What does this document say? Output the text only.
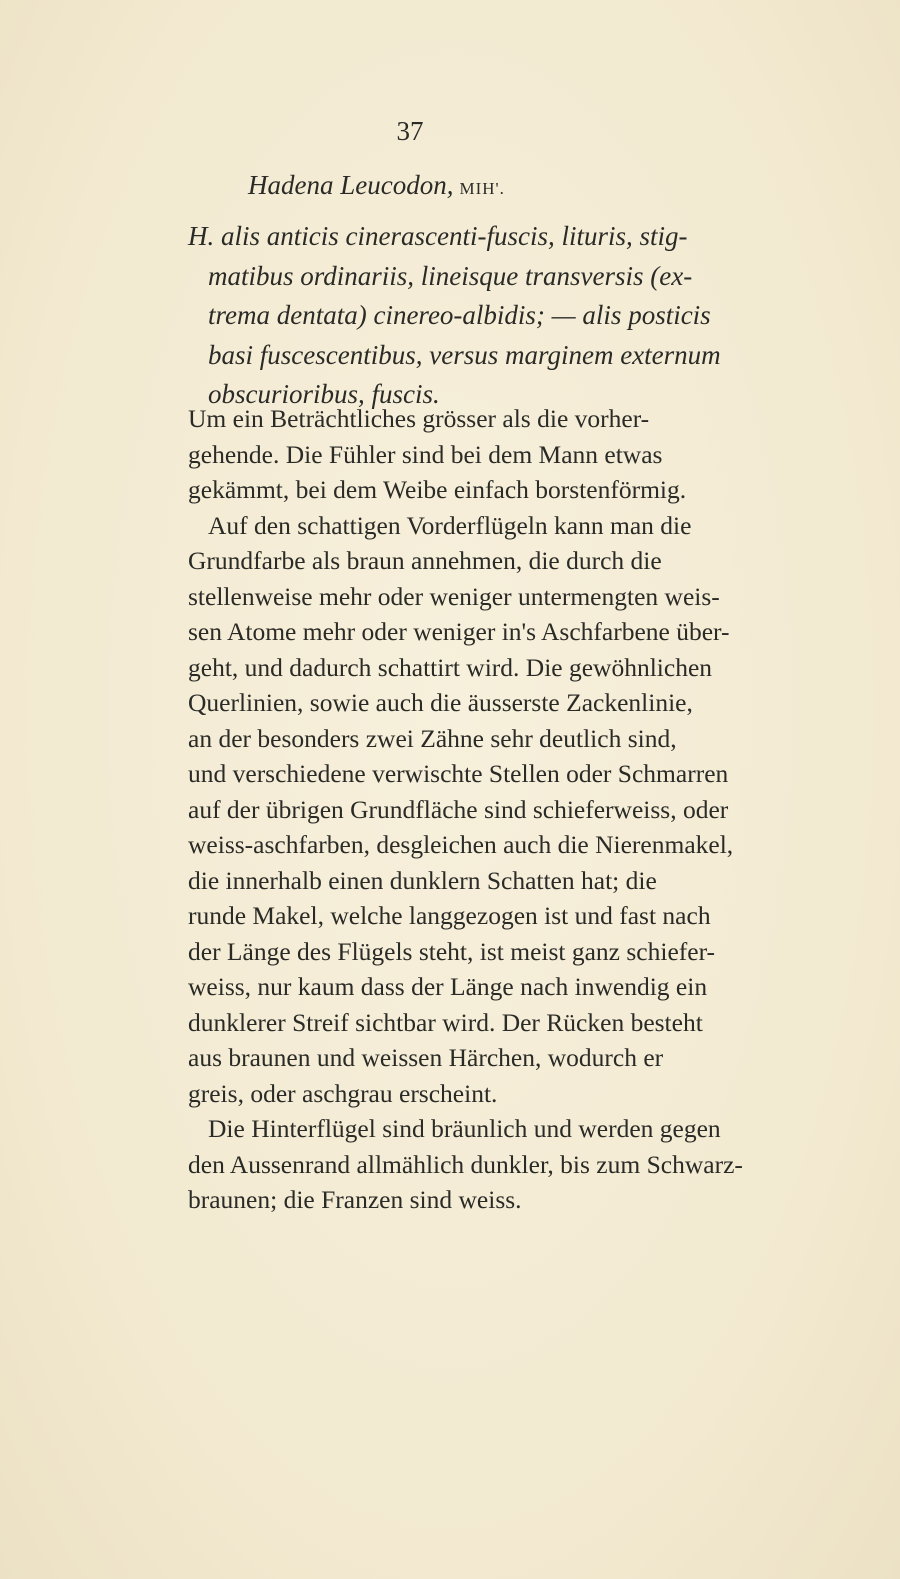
37
Hadena Leucodon, MIH'.
H. alis anticis cinerascenti-fuscis, lituris, stig-
matibus ordinariis, lineisque transversis (ex-
trema dentata) cinereo-albidis; — alis posticis
basi fuscescentibus, versus marginem externum
obscurioribus, fuscis.
Um ein Beträchtliches grösser als die vorher-
gehende. Die Fühler sind bei dem Mann etwas
gekämmt, bei dem Weibe einfach borstenförmig.
Auf den schattigen Vorderflügeln kann man die
Grundfarbe als braun annehmen, die durch die
stellenweise mehr oder weniger untermengten weis-
sen Atome mehr oder weniger in's Aschfarbene über-
geht, und dadurch schattirt wird. Die gewöhnlichen
Querlinien, sowie auch die äusserste Zackenlinie,
an der besonders zwei Zähne sehr deutlich sind,
und verschiedene verwischte Stellen oder Schmarren
auf der übrigen Grundfläche sind schieferweiss, oder
weiss-aschfarben, desgleichen auch die Nierenmakel,
die innerhalb einen dunklern Schatten hat; die
runde Makel, welche langgezogen ist und fast nach
der Länge des Flügels steht, ist meist ganz schiefer-
weiss, nur kaum dass der Länge nach inwendig ein
dunklerer Streif sichtbar wird. Der Rücken besteht
aus braunen und weissen Härchen, wodurch er
greis, oder aschgrau erscheint.
Die Hinterflügel sind bräunlich und werden gegen
den Aussenrand allmählich dunkler, bis zum Schwarz-
braunen; die Franzen sind weiss.
